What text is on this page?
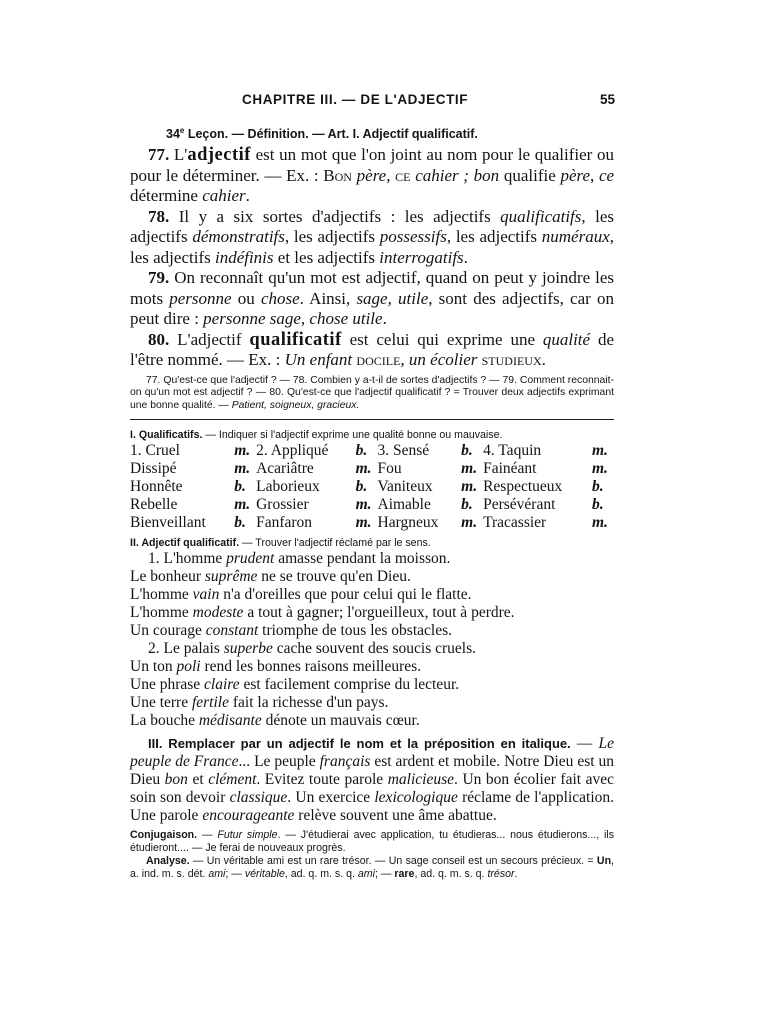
CHAPITRE III. — DE L'ADJECTIF	55
34e Leçon. — Définition. — Art. I. Adjectif qualificatif.

77. L'adjectif est un mot que l'on joint au nom pour le qualifier ou pour le déterminer. — Ex. : Bon père, ce cahier ; bon qualifie père, ce détermine cahier.

78. Il y a six sortes d'adjectifs : les adjectifs qualificatifs, les adjectifs démonstratifs, les adjectifs possessifs, les adjectifs numéraux, les adjectifs indéfinis et les adjectifs interrogatifs.

79. On reconnaît qu'un mot est adjectif, quand on peut y joindre les mots personne ou chose. Ainsi, sage, utile, sont des adjectifs, car on peut dire : personne sage, chose utile.

80. L'adjectif qualificatif est celui qui exprime une qualité de l'être nommé. — Ex. : Un enfant docile, un écolier studieux.

77. Qu'est-ce que l'adjectif ? — 78. Combien y a-t-il de sortes d'adjectifs ? — 79. Comment reconnait-on qu'un mot est adjectif ? — 80. Qu'est-ce que l'adjectif qualificatif ? = Trouver deux adjectifs exprimant une bonne qualité. — Patient, soigneux, gracieux.

I. Qualificatifs. — Indiquer si l'adjectif exprime une qualité bonne ou mauvaise.

1. Cruel	m.	2. Appliqué	b.	3. Sensé	b.	4. Taquin	m.
Dissipé	m.	Acariâtre	m.	Fou	m.	Fainéant	m.
Honnête	b.	Laborieux	b.	Vaniteux	m.	Respectueux	b.
Rebelle	m.	Grossier	m.	Aimable	b.	Persévérant	b.
Bienveillant	b.	Fanfaron	m.	Hargneux	m.	Tracassier	m.

II. Adjectif qualificatif. — Trouver l'adjectif réclamé par le sens.

1. L'homme prudent amasse pendant la moisson.

Le bonheur suprême ne se trouve qu'en Dieu.

L'homme vain n'a d'oreilles que pour celui qui le flatte.

L'homme modeste a tout à gagner; l'orgueilleux, tout à perdre.

Un courage constant triomphe de tous les obstacles.

2. Le palais superbe cache souvent des soucis cruels.

Un ton poli rend les bonnes raisons meilleures.

Une phrase claire est facilement comprise du lecteur.

Une terre fertile fait la richesse d'un pays.

La bouche médisante dénote un mauvais cœur.

III. Remplacer par un adjectif le nom et la préposition en italique. — Le peuple de France... Le peuple français est ardent et mobile. Notre Dieu est un Dieu bon et clément. Evitez toute parole malicieuse. Un bon écolier fait avec soin son devoir classique. Un exercice lexicologique réclame de l'application. Une parole encourageante relève souvent une âme abattue.

Conjugaison. — Futur simple. — J'étudierai avec application, tu étudieras... nous étudierons..., ils étudieront.... — Je ferai de nouveaux progrès.

Analyse. — Un véritable ami est un rare trésor. — Un sage conseil est un secours précieux. = Un, a. ind. m. s. dét. ami; — véritable, ad. q. m. s. q. ami; — rare, ad. q. m. s. q. trésor.
